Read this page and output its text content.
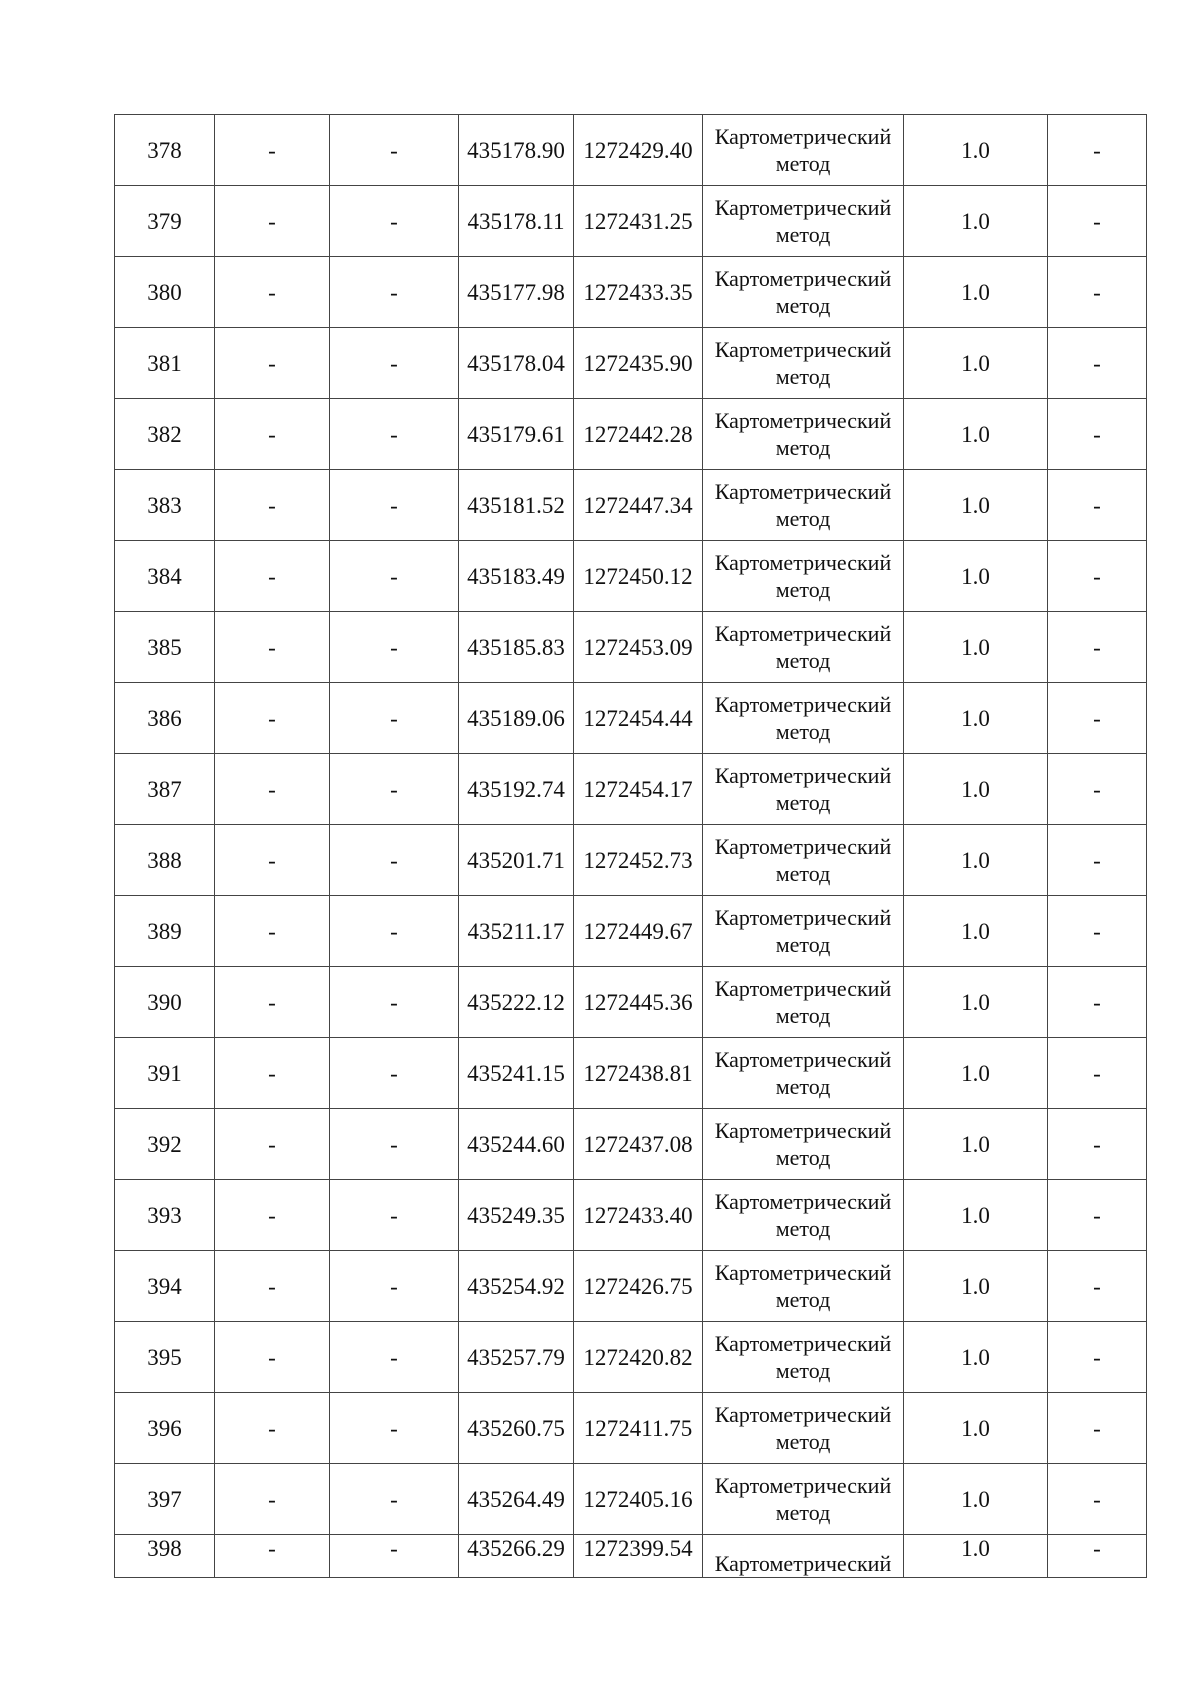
378	-	-	435178.90	1272429.40	Картометрический метод	1.0	-
379	-	-	435178.11	1272431.25	Картометрический метод	1.0	-
380	-	-	435177.98	1272433.35	Картометрический метод	1.0	-
381	-	-	435178.04	1272435.90	Картометрический метод	1.0	-
382	-	-	435179.61	1272442.28	Картометрический метод	1.0	-
383	-	-	435181.52	1272447.34	Картометрический метод	1.0	-
384	-	-	435183.49	1272450.12	Картометрический метод	1.0	-
385	-	-	435185.83	1272453.09	Картометрический метод	1.0	-
386	-	-	435189.06	1272454.44	Картометрический метод	1.0	-
387	-	-	435192.74	1272454.17	Картометрический метод	1.0	-
388	-	-	435201.71	1272452.73	Картометрический метод	1.0	-
389	-	-	435211.17	1272449.67	Картометрический метод	1.0	-
390	-	-	435222.12	1272445.36	Картометрический метод	1.0	-
391	-	-	435241.15	1272438.81	Картометрический метод	1.0	-
392	-	-	435244.60	1272437.08	Картометрический метод	1.0	-
393	-	-	435249.35	1272433.40	Картометрический метод	1.0	-
394	-	-	435254.92	1272426.75	Картометрический метод	1.0	-
395	-	-	435257.79	1272420.82	Картометрический метод	1.0	-
396	-	-	435260.75	1272411.75	Картометрический метод	1.0	-
397	-	-	435264.49	1272405.16	Картометрический метод	1.0	-
398	-	-	435266.29	1272399.54	Картометрический	1.0	-
